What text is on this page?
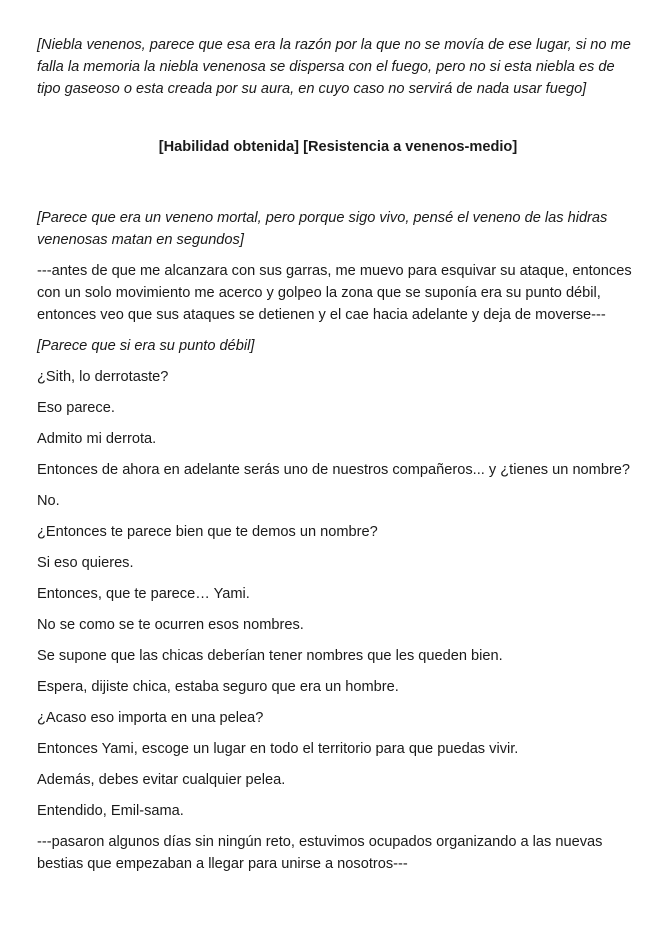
[Niebla venenos, parece que esa era la razón por la que no se movía de ese lugar, si no me falla la memoria la niebla venenosa se dispersa con el fuego, pero no si esta niebla es de tipo gaseoso o esta creada por su aura, en cuyo caso no servirá de nada usar fuego]

[Habilidad obtenida] [Resistencia a venenos-medio]

[Parece que era un veneno mortal, pero porque sigo vivo, pensé el veneno de las hidras venenosas matan en segundos]

---antes de que me alcanzara con sus garras, me muevo para esquivar su ataque, entonces con un solo movimiento me acerco y golpeo la zona que se suponía era su punto débil, entonces veo que sus ataques se detienen y el cae hacia adelante y deja de moverse---

[Parece que si era su punto débil]

¿Sith, lo derrotaste?

Eso parece.

Admito mi derrota.

Entonces de ahora en adelante serás uno de nuestros compañeros... y ¿tienes un nombre?

No.

¿Entonces te parece bien que te demos un nombre?

Si eso quieres.

Entonces, que te parece… Yami.

No se como se te ocurren esos nombres.

Se supone que las chicas deberían tener nombres que les queden bien.

Espera, dijiste chica, estaba seguro que era un hombre.

¿Acaso eso importa en una pelea?

Entonces Yami, escoge un lugar en todo el territorio para que puedas vivir.

Además, debes evitar cualquier pelea.

Entendido, Emil-sama.

---pasaron algunos días sin ningún reto, estuvimos ocupados organizando a las nuevas bestias que empezaban a llegar para unirse a nosotros---
